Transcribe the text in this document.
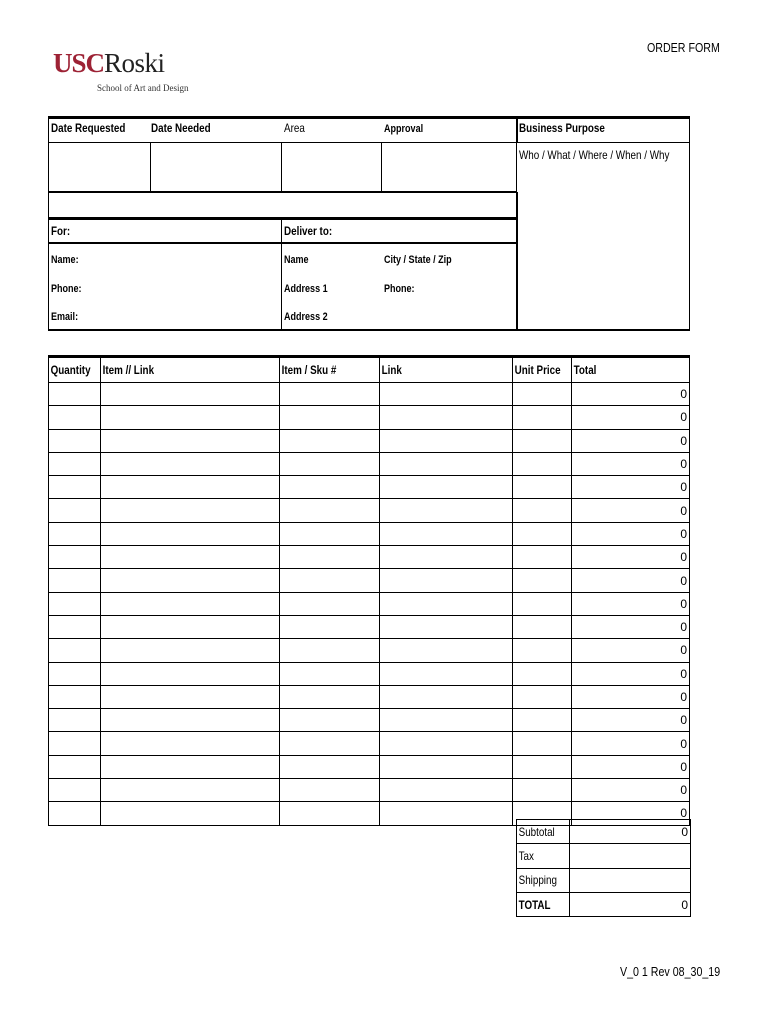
USCRoski
School of Art and Design
ORDER FORM
Date Requested Date Needed	Area	Approval	Business Purpose
Who / What / Where / When / Why
For:	Deliver to:
Name:
Phone:
Email:
Name
Address 1
Address 2
City / State / Zip
Phone:
Quantity	Item // Link	Item / Sku #	Link	Unit Price	Total
					0
					0
					0
					0
					0
					0
					0
					0
					0
					0
					0
					0
					0
					0
					0
					0
					0
					0
					0
Subtotal	0
Tax	
Shipping	
TOTAL	0
V_0 1 Rev 08_30_19
